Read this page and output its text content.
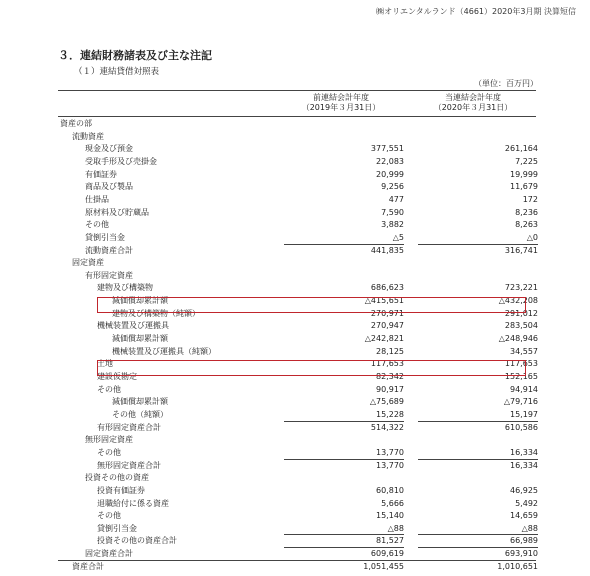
㈱オリエンタルランド（4661）2020年3月期 決算短信
３．連結財務諸表及び主な注記
（１）連結貸借対照表
（単位：百万円）
前連結会計年度
（2019年３月31日）
当連結会計年度
（2020年３月31日）
資産の部
流動資産
現金及び預金	377,551	261,164
受取手形及び売掛金	22,083	7,225
有価証券	20,999	19,999
商品及び製品	9,256	11,679
仕掛品	477	172
原材料及び貯蔵品	7,590	8,236
その他	3,882	8,263
貸倒引当金	△5	△0
流動資産合計	441,835	316,741
固定資産
有形固定資産
建物及び構築物	686,623	723,221
減価償却累計額	△415,651	△432,208
建物及び構築物（純額）	270,971	291,012
機械装置及び運搬具	270,947	283,504
減価償却累計額	△242,821	△248,946
機械装置及び運搬具（純額）	28,125	34,557
土地	117,653	117,653
建設仮勘定	82,342	152,165
その他	90,917	94,914
減価償却累計額	△75,689	△79,716
その他（純額）	15,228	15,197
有形固定資産合計	514,322	610,586
無形固定資産
その他	13,770	16,334
無形固定資産合計	13,770	16,334
投資その他の資産
投資有価証券	60,810	46,925
退職給付に係る資産	5,666	5,492
その他	15,140	14,659
貸倒引当金	△88	△88
投資その他の資産合計	81,527	66,989
固定資産合計	609,619	693,910
資産合計	1,051,455	1,010,651
